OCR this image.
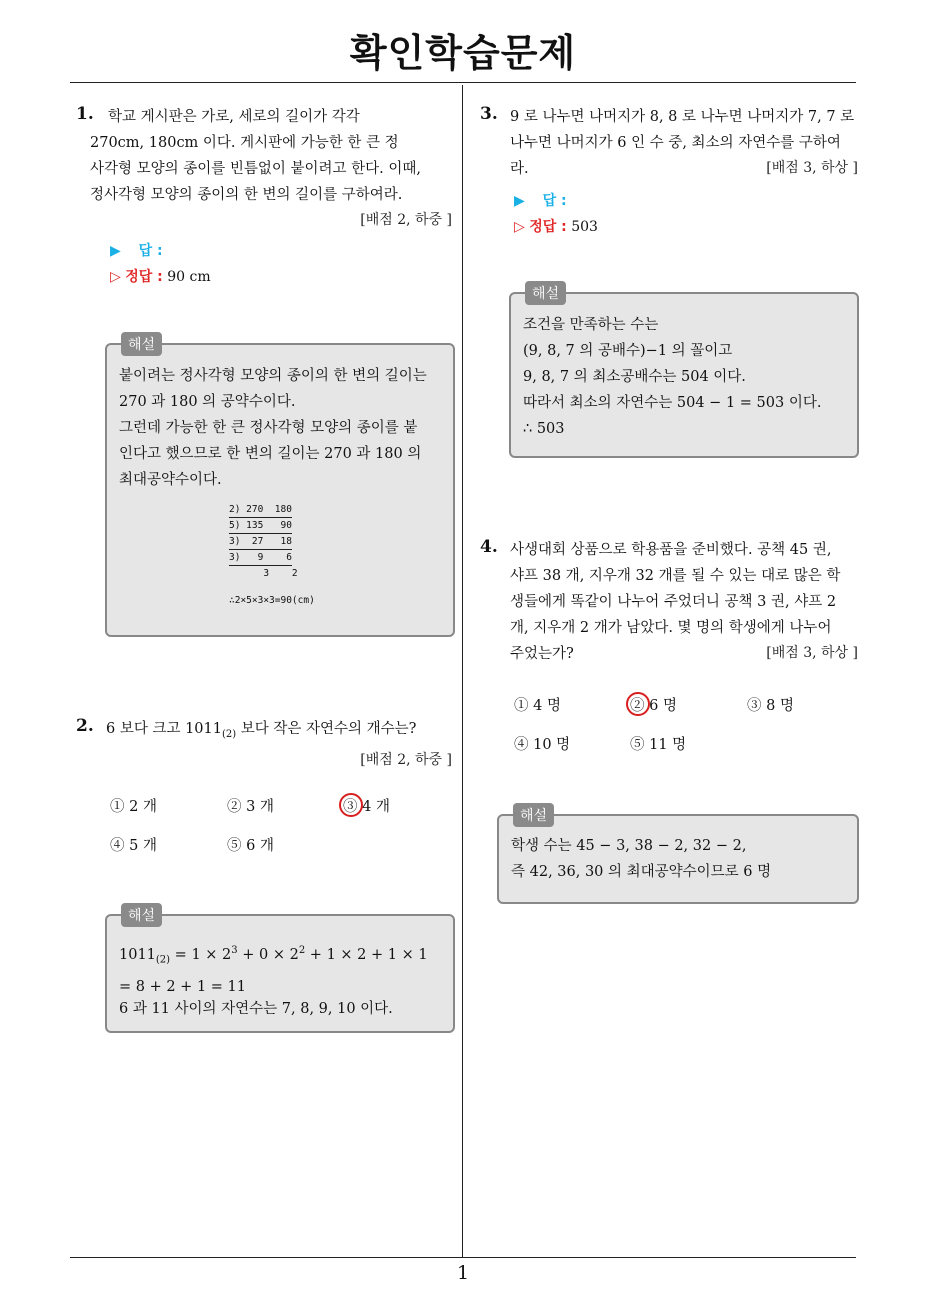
확인학습문제
1
1. 학교 게시판은 가로, 세로의 길이가 각각
270cm, 180cm 이다. 게시판에 가능한 한 큰 정
사각형 모양의 종이를 빈틈없이 붙이려고 한다. 이때,
정사각형 모양의 종이의 한 변의 길이를 구하여라.
[배점 2, 하중 ]
▶ 답 :
▷ 정답 : 90 cm
해설
붙이려는 정사각형 모양의 종이의 한 변의 길이는
270 과 180 의 공약수이다.
그런데 가능한 한 큰 정사각형 모양의 종이를 붙
인다고 했으므로 한 변의 길이는 270 과 180 의
최대공약수이다.
2) 270  180
5) 135   90
3)  27   18
3)   9    6
3    2
∴2×5×3×3=90(cm)
2. 6 보다 크고 $1011_{(2)}$ 보다 작은 자연수의 개수는?
[배점 2, 하중 ]
① 2 개	② 3 개	③ 4 개
④ 5 개	⑤ 6 개
해설
$1011_{(2)} = 1 \times 2^3 + 0 \times 2^2 + 1 \times 2 + 1 \times 1$
= 8 + 2 + 1 = 11
6 과 11 사이의 자연수는 7, 8, 9, 10 이다.
3. 9 로 나누면 나머지가 8, 8 로 나누면 나머지가 7, 7 로
나누면 나머지가 6 인 수 중, 최소의 자연수를 구하여
라.	[배점 3, 하상 ]
▶ 답 :
▷ 정답 : 503
해설
조건을 만족하는 수는
(9, 8, 7 의 공배수)−1 의 꼴이고
9, 8, 7 의 최소공배수는 504 이다.
따라서 최소의 자연수는 504 − 1 = 503 이다.
∴ 503
4. 사생대회 상품으로 학용품을 준비했다. 공책 45 권,
샤프 38 개, 지우개 32 개를 될 수 있는 대로 많은 학
생들에게 똑같이 나누어 주었더니 공책 3 권, 샤프 2
개, 지우개 2 개가 남았다. 몇 명의 학생에게 나누어
주었는가?	[배점 3, 하상 ]
① 4 명	② 6 명	③ 8 명
④ 10 명	⑤ 11 명
해설
학생 수는 45 − 3, 38 − 2, 32 − 2,
즉 42, 36, 30 의 최대공약수이므로 6 명
